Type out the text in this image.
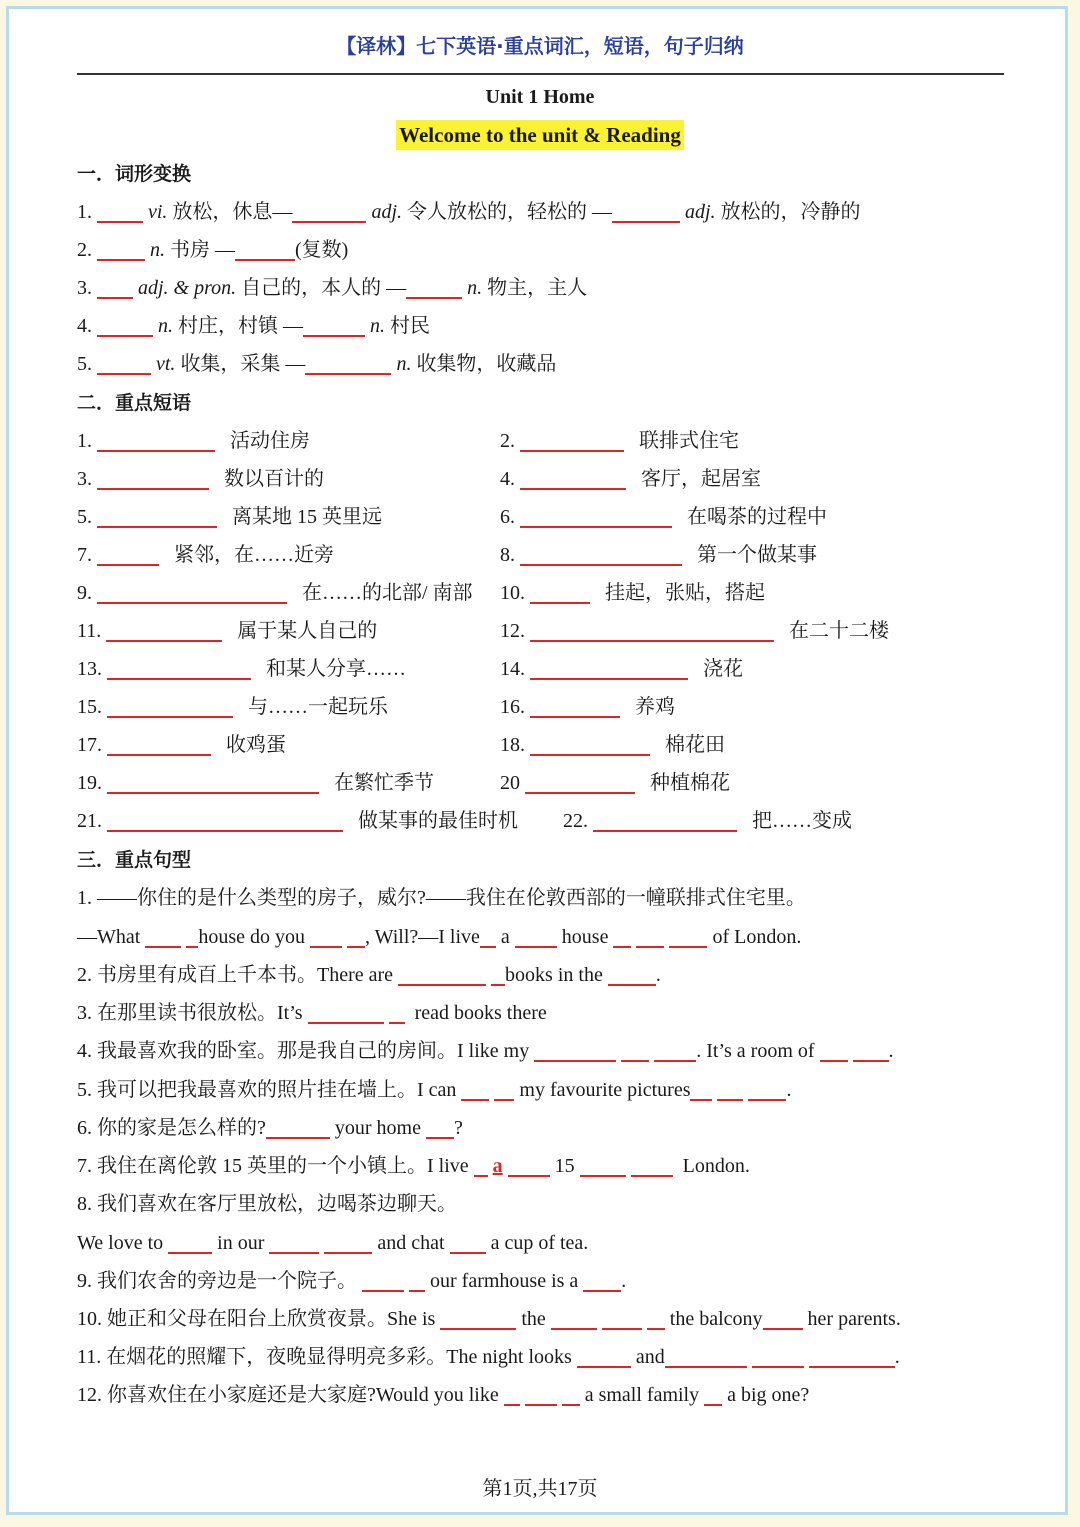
【译林】七下英语·重点词汇，短语，句子归纳
Unit 1 Home
Welcome to the unit & Reading
一．词形变换
1.	vi. 放松，休息—	adj. 令人放松的，轻松的 —	adj. 放松的，冷静的
2.	n. 书房 —	(复数)
3. adj. & pron. 自己的，本人的 —	n. 物主，主人
4.	n. 村庄，村镇 —	n. 村民
5.	vt. 收集，采集 —	n. 收集物，收藏品
二．重点短语
1.	活动住房	2.	联排式住宅
3.	数以百计的	4.	客厅，起居室
5.	离某地 15 英里远	6.	在喝茶的过程中
7.	紧邻，在……近旁	8.	第一个做某事
9.	在……的北部/ 南部 10.	挂起，张贴，搭起
11.	属于某人自己的	12.	在二十二楼
13.	和某人分享……	14.	浇花
15.	与……一起玩乐	16.	养鸡
17.	收鸡蛋	18.	棉花田
19.	在繁忙季节	20	种植棉花
21.	做某事的最佳时机 22.	把……变成
三．重点句型
1. ——你住的是什么类型的房子，威尔?——我住在伦敦西部的一幢联排式住宅里。
—What	house do you	, Will?—I live a	house	of London.
2. 书房里有成百上千本书。There are	books in the	.
3. 在那里读书很放松。It’s	read books there
4. 我最喜欢我的卧室。那是我自己的房间。I like my	. It’s a room of	.
5. 我可以把我最喜欢的照片挂在墙上。I can	my favourite pictures	.
6. 你的家是怎么样的?	your home ?
7. 我住在离伦敦 15 英里的一个小镇上。I live a	15	London.
8. 我们喜欢在客厅里放松，边喝茶边聊天。
We love to	in our	and chat a cup of tea.
9. 我们农舍的旁边是一个院子。	our farmhouse is a .
10. 她正和父母在阳台上欣赏夜景。She is	the	the balcony her parents.
11. 在烟花的照耀下，夜晚显得明亮多彩。The night looks	and	.
12. 你喜欢住在小家庭还是大家庭?Would you like	a small family a big one?
第1页,共17页
